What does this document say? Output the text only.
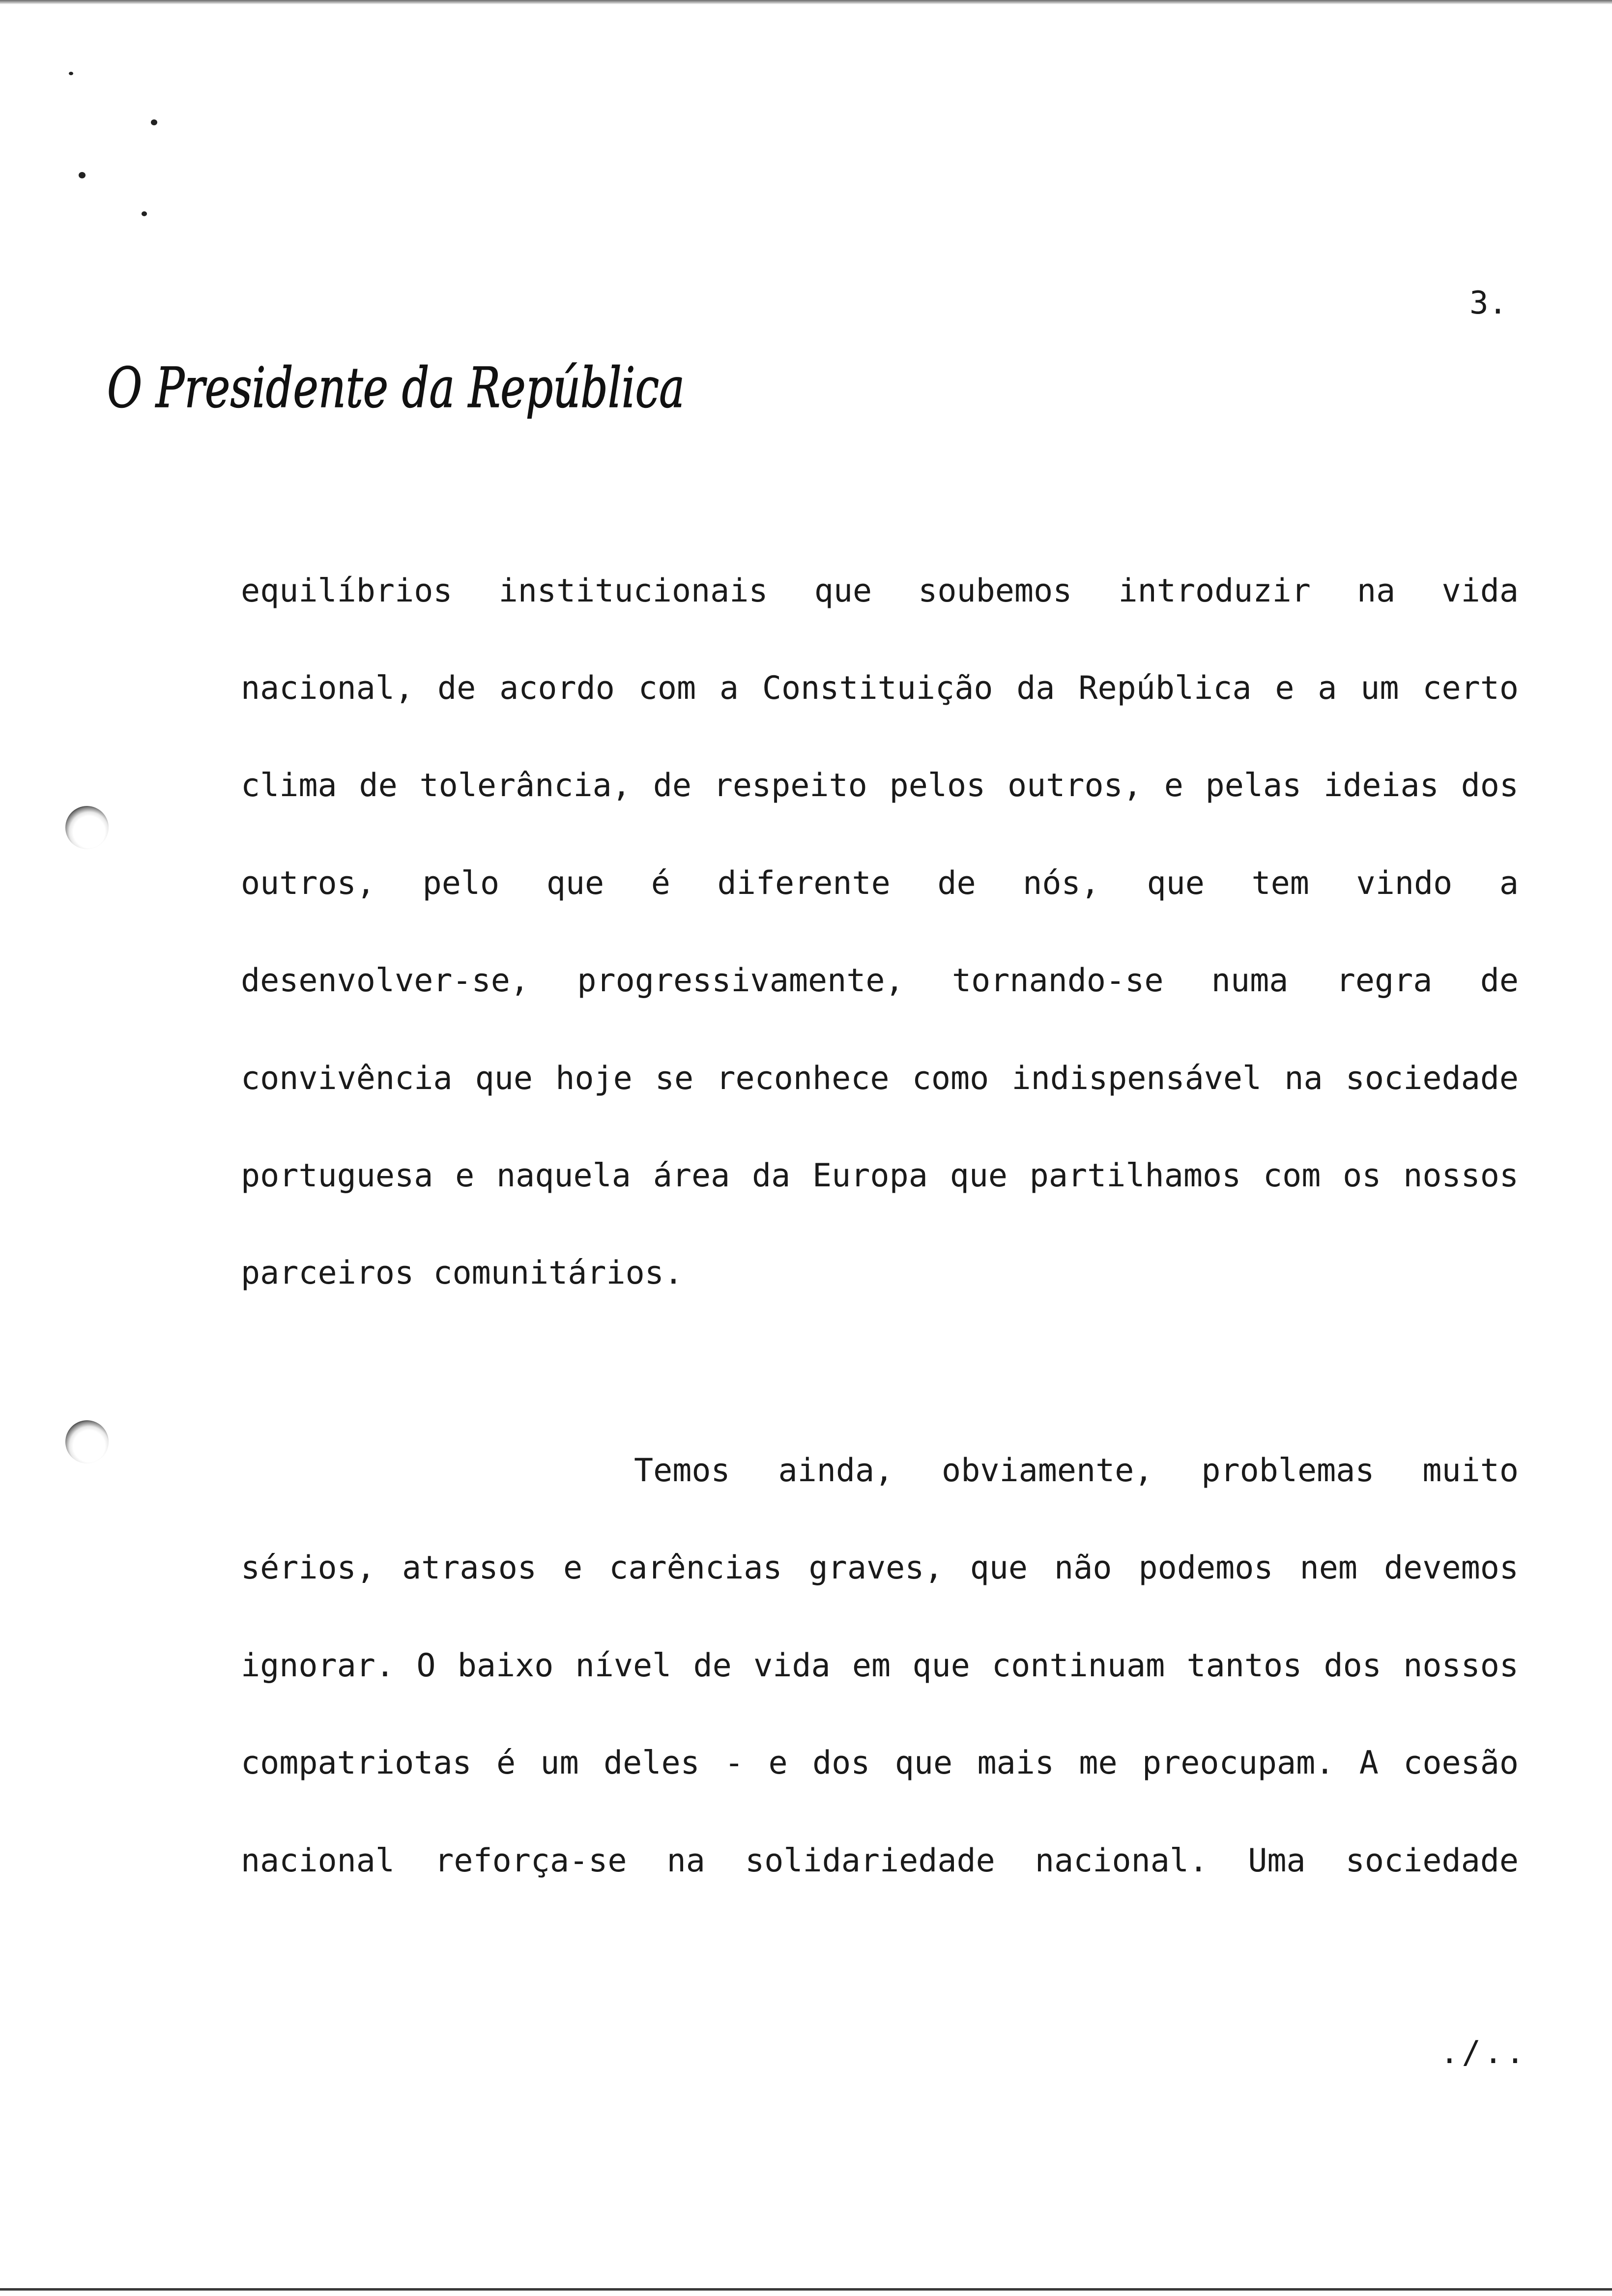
3.
O Presidente da República
equilíbrios institucionais que soubemos introduzir na vida
nacional, de acordo com a Constituição da República e a um certo
clima de tolerância, de respeito pelos outros, e pelas ideias dos
outros, pelo que é diferente de nós, que tem vindo a
desenvolver-se, progressivamente, tornando-se numa regra de
convivência que hoje se reconhece como indispensável na sociedade
portuguesa e naquela área da Europa que partilhamos com os nossos
parceiros comunitários.
Temos ainda, obviamente, problemas muito
sérios, atrasos e carências graves, que não podemos nem devemos
ignorar. O baixo nível de vida em que continuam tantos dos nossos
compatriotas é um deles - e dos que mais me preocupam. A coesão
nacional reforça-se na solidariedade nacional. Uma sociedade
./..
